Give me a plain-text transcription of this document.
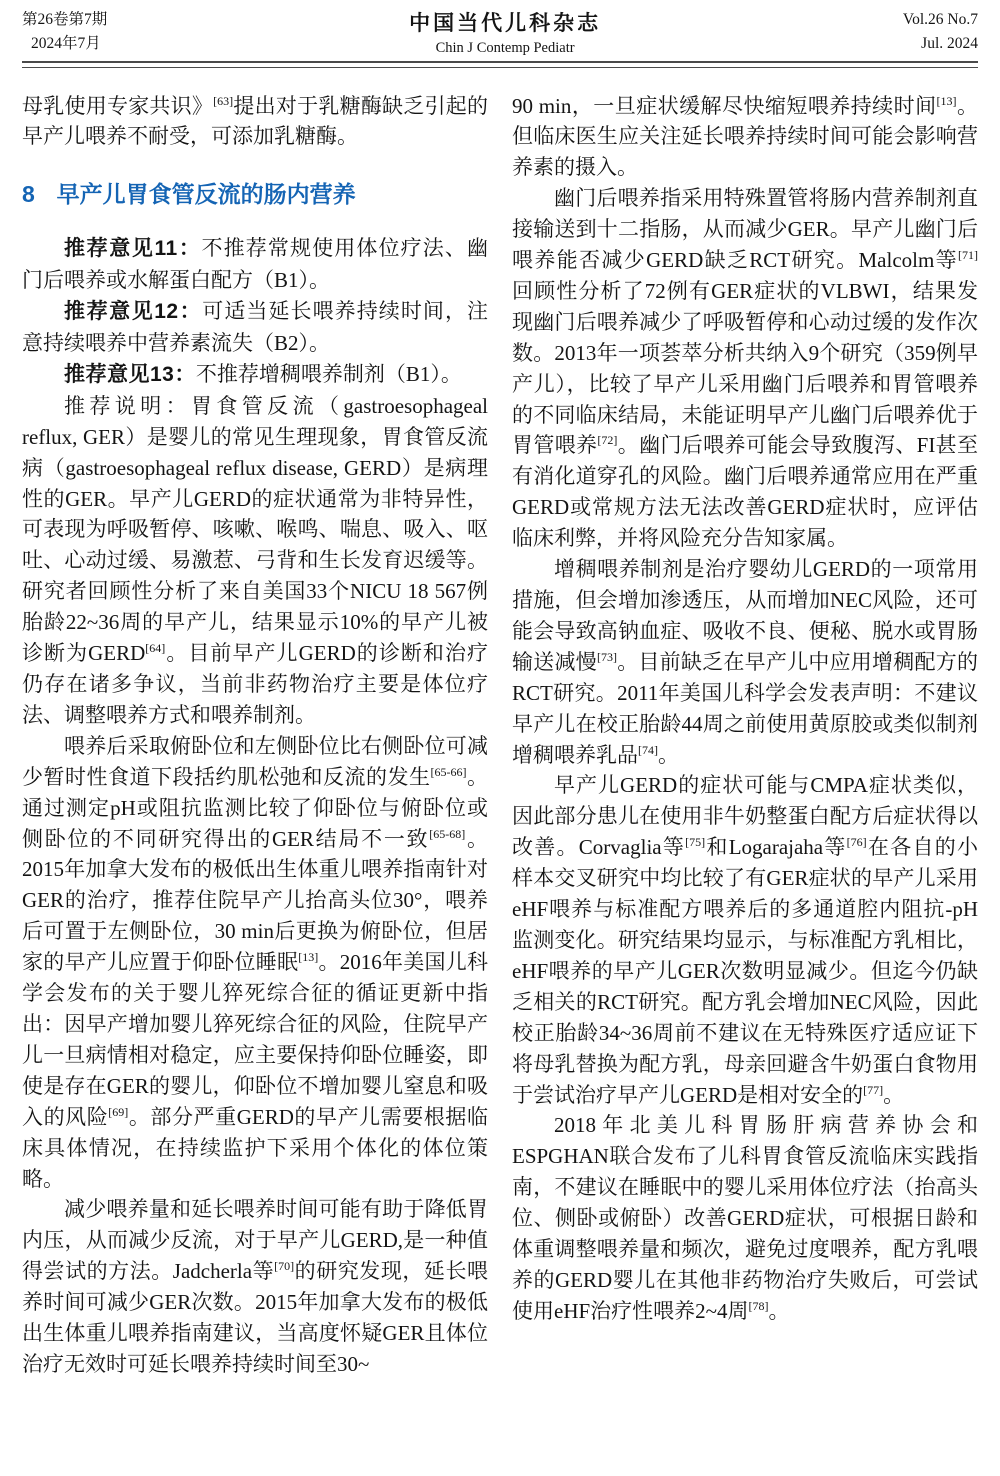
第26卷第7期
2024年7月
中国当代儿科杂志
Chin J Contemp Pediatr
Vol.26 No.7
Jul. 2024

母乳使用专家共识》[63]提出对于乳糖酶缺乏引起的早产儿喂养不耐受，可添加乳糖酶。

8 早产儿胃食管反流的肠内营养

推荐意见11：不推荐常规使用体位疗法、幽门后喂养或水解蛋白配方（B1）。

推荐意见12：可适当延长喂养持续时间，注意持续喂养中营养素流失（B2）。

推荐意见13：不推荐增稠喂养制剂（B1）。

推荐说明：胃食管反流（gastroesophageal reflux, GER）是婴儿的常见生理现象，胃食管反流病（gastroesophageal reflux disease, GERD）是病理性的GER。早产儿GERD的症状通常为非特异性，可表现为呼吸暂停、咳嗽、喉鸣、喘息、吸入、呕吐、心动过缓、易激惹、弓背和生长发育迟缓等。研究者回顾性分析了来自美国33个NICU 18 567例胎龄22~36周的早产儿，结果显示10%的早产儿被诊断为GERD[64]。目前早产儿GERD的诊断和治疗仍存在诸多争议，当前非药物治疗主要是体位疗法、调整喂养方式和喂养制剂。

喂养后采取俯卧位和左侧卧位比右侧卧位可减少暂时性食道下段括约肌松弛和反流的发生[65-66]。通过测定pH或阻抗监测比较了仰卧位与俯卧位或侧卧位的不同研究得出的GER结局不一致[65-68]。2015年加拿大发布的极低出生体重儿喂养指南针对GER的治疗，推荐住院早产儿抬高头位30°，喂养后可置于左侧卧位，30 min后更换为俯卧位，但居家的早产儿应置于仰卧位睡眠[13]。2016年美国儿科学会发布的关于婴儿猝死综合征的循证更新中指出：因早产增加婴儿猝死综合征的风险，住院早产儿一旦病情相对稳定，应主要保持仰卧位睡姿，即使是存在GER的婴儿，仰卧位不增加婴儿窒息和吸入的风险[69]。部分严重GERD的早产儿需要根据临床具体情况，在持续监护下采用个体化的体位策略。

减少喂养量和延长喂养时间可能有助于降低胃内压，从而减少反流，对于早产儿GERD,是一种值得尝试的方法。Jadcherla等[70]的研究发现，延长喂养时间可减少GER次数。2015年加拿大发布的极低出生体重儿喂养指南建议，当高度怀疑GER且体位治疗无效时可延长喂养持续时间至30~

90 min，一旦症状缓解尽快缩短喂养持续时间[13]。但临床医生应关注延长喂养持续时间可能会影响营养素的摄入。

幽门后喂养指采用特殊置管将肠内营养制剂直接输送到十二指肠，从而减少GER。早产儿幽门后喂养能否减少GERD缺乏RCT研究。Malcolm等[71]回顾性分析了72例有GER症状的VLBWI，结果发现幽门后喂养减少了呼吸暂停和心动过缓的发作次数。2013年一项荟萃分析共纳入9个研究（359例早产儿），比较了早产儿采用幽门后喂养和胃管喂养的不同临床结局，未能证明早产儿幽门后喂养优于胃管喂养[72]。幽门后喂养可能会导致腹泻、FI甚至有消化道穿孔的风险。幽门后喂养通常应用在严重GERD或常规方法无法改善GERD症状时，应评估临床利弊，并将风险充分告知家属。

增稠喂养制剂是治疗婴幼儿GERD的一项常用措施，但会增加渗透压，从而增加NEC风险，还可能会导致高钠血症、吸收不良、便秘、脱水或胃肠输送减慢[73]。目前缺乏在早产儿中应用增稠配方的RCT研究。2011年美国儿科学会发表声明：不建议早产儿在校正胎龄44周之前使用黄原胶或类似制剂增稠喂养乳品[74]。

早产儿GERD的症状可能与CMPA症状类似，因此部分患儿在使用非牛奶整蛋白配方后症状得以改善。Corvaglia等[75]和Logarajaha等[76]在各自的小样本交叉研究中均比较了有GER症状的早产儿采用eHF喂养与标准配方喂养后的多通道腔内阻抗-pH监测变化。研究结果均显示，与标准配方乳相比，eHF喂养的早产儿GER次数明显减少。但迄今仍缺乏相关的RCT研究。配方乳会增加NEC风险，因此校正胎龄34~36周前不建议在无特殊医疗适应证下将母乳替换为配方乳，母亲回避含牛奶蛋白食物用于尝试治疗早产儿GERD是相对安全的[77]。

2018年北美儿科胃肠肝病营养协会和ESPGHAN联合发布了儿科胃食管反流临床实践指南，不建议在睡眠中的婴儿采用体位疗法（抬高头位、侧卧或俯卧）改善GERD症状，可根据日龄和体重调整喂养量和频次，避免过度喂养，配方乳喂养的GERD婴儿在其他非药物治疗失败后，可尝试使用eHF治疗性喂养2~4周[78]。
